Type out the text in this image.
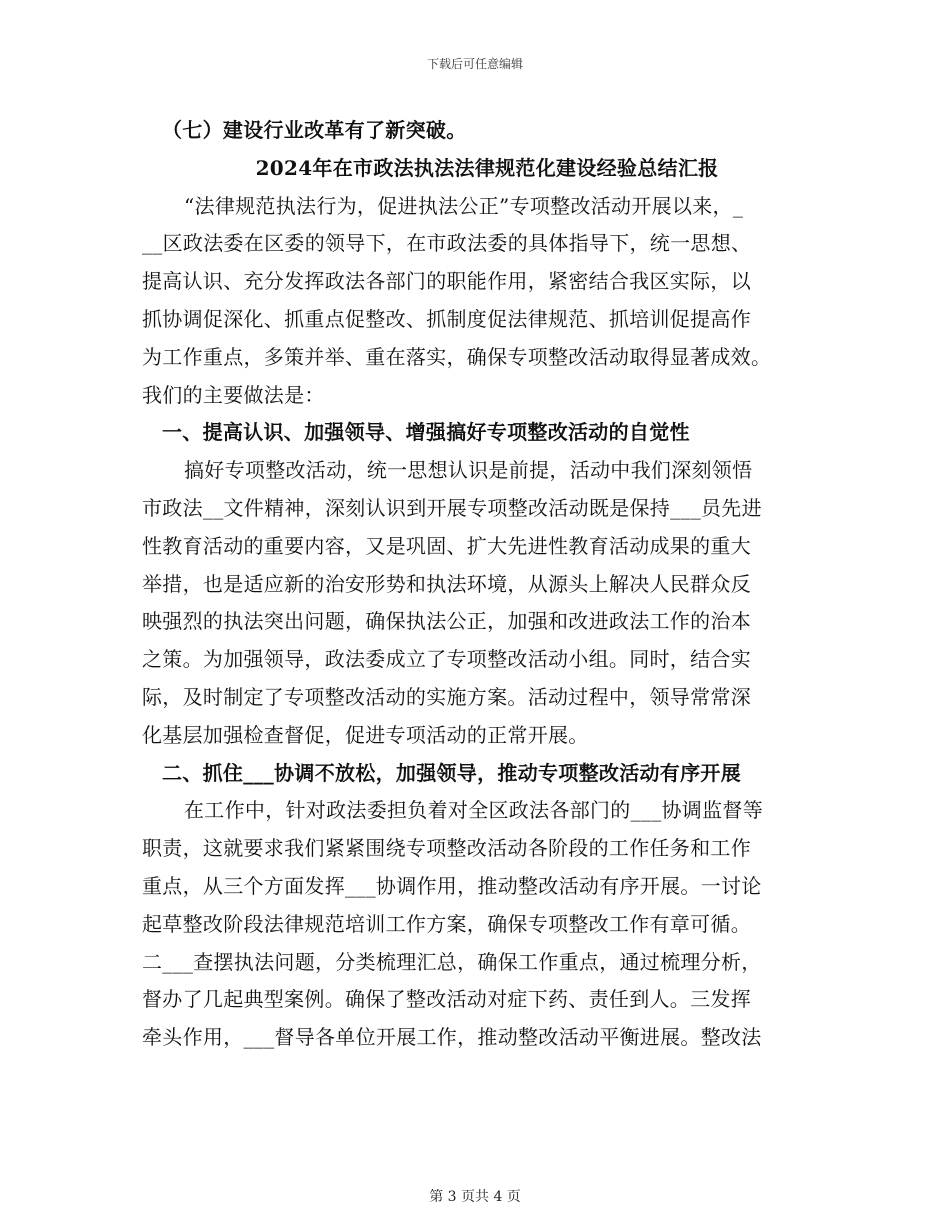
下载后可任意编辑
（七）建设行业改革有了新突破。
2024年在市政法执法法律规范化建设经验总结汇报
“法律规范执法行为，促进执法公正”专项整改活动开展以来，_
__区政法委在区委的领导下，在市政法委的具体指导下，统一思想、
提高认识、充分发挥政法各部门的职能作用，紧密结合我区实际，以
抓协调促深化、抓重点促整改、抓制度促法律规范、抓培训促提高作
为工作重点，多策并举、重在落实，确保专项整改活动取得显著成效。
我们的主要做法是：
一、提高认识、加强领导、增强搞好专项整改活动的自觉性
搞好专项整改活动，统一思想认识是前提，活动中我们深刻领悟
市政法__文件精神，深刻认识到开展专项整改活动既是保持___员先进
性教育活动的重要内容，又是巩固、扩大先进性教育活动成果的重大
举措，也是适应新的治安形势和执法环境，从源头上解决人民群众反
映强烈的执法突出问题，确保执法公正，加强和改进政法工作的治本
之策。为加强领导，政法委成立了专项整改活动小组。同时，结合实
际，及时制定了专项整改活动的实施方案。活动过程中，领导常常深
化基层加强检查督促，促进专项活动的正常开展。
二、抓住___协调不放松，加强领导，推动专项整改活动有序开展
在工作中，针对政法委担负着对全区政法各部门的___协调监督等
职责，这就要求我们紧紧围绕专项整改活动各阶段的工作任务和工作
重点，从三个方面发挥___协调作用，推动整改活动有序开展。一讨论
起草整改阶段法律规范培训工作方案，确保专项整改工作有章可循。
二___查摆执法问题，分类梳理汇总，确保工作重点，通过梳理分析，
督办了几起典型案例。确保了整改活动对症下药、责任到人。三发挥
牵头作用，___督导各单位开展工作，推动整改活动平衡进展。整改法
第 3 页共 4 页
